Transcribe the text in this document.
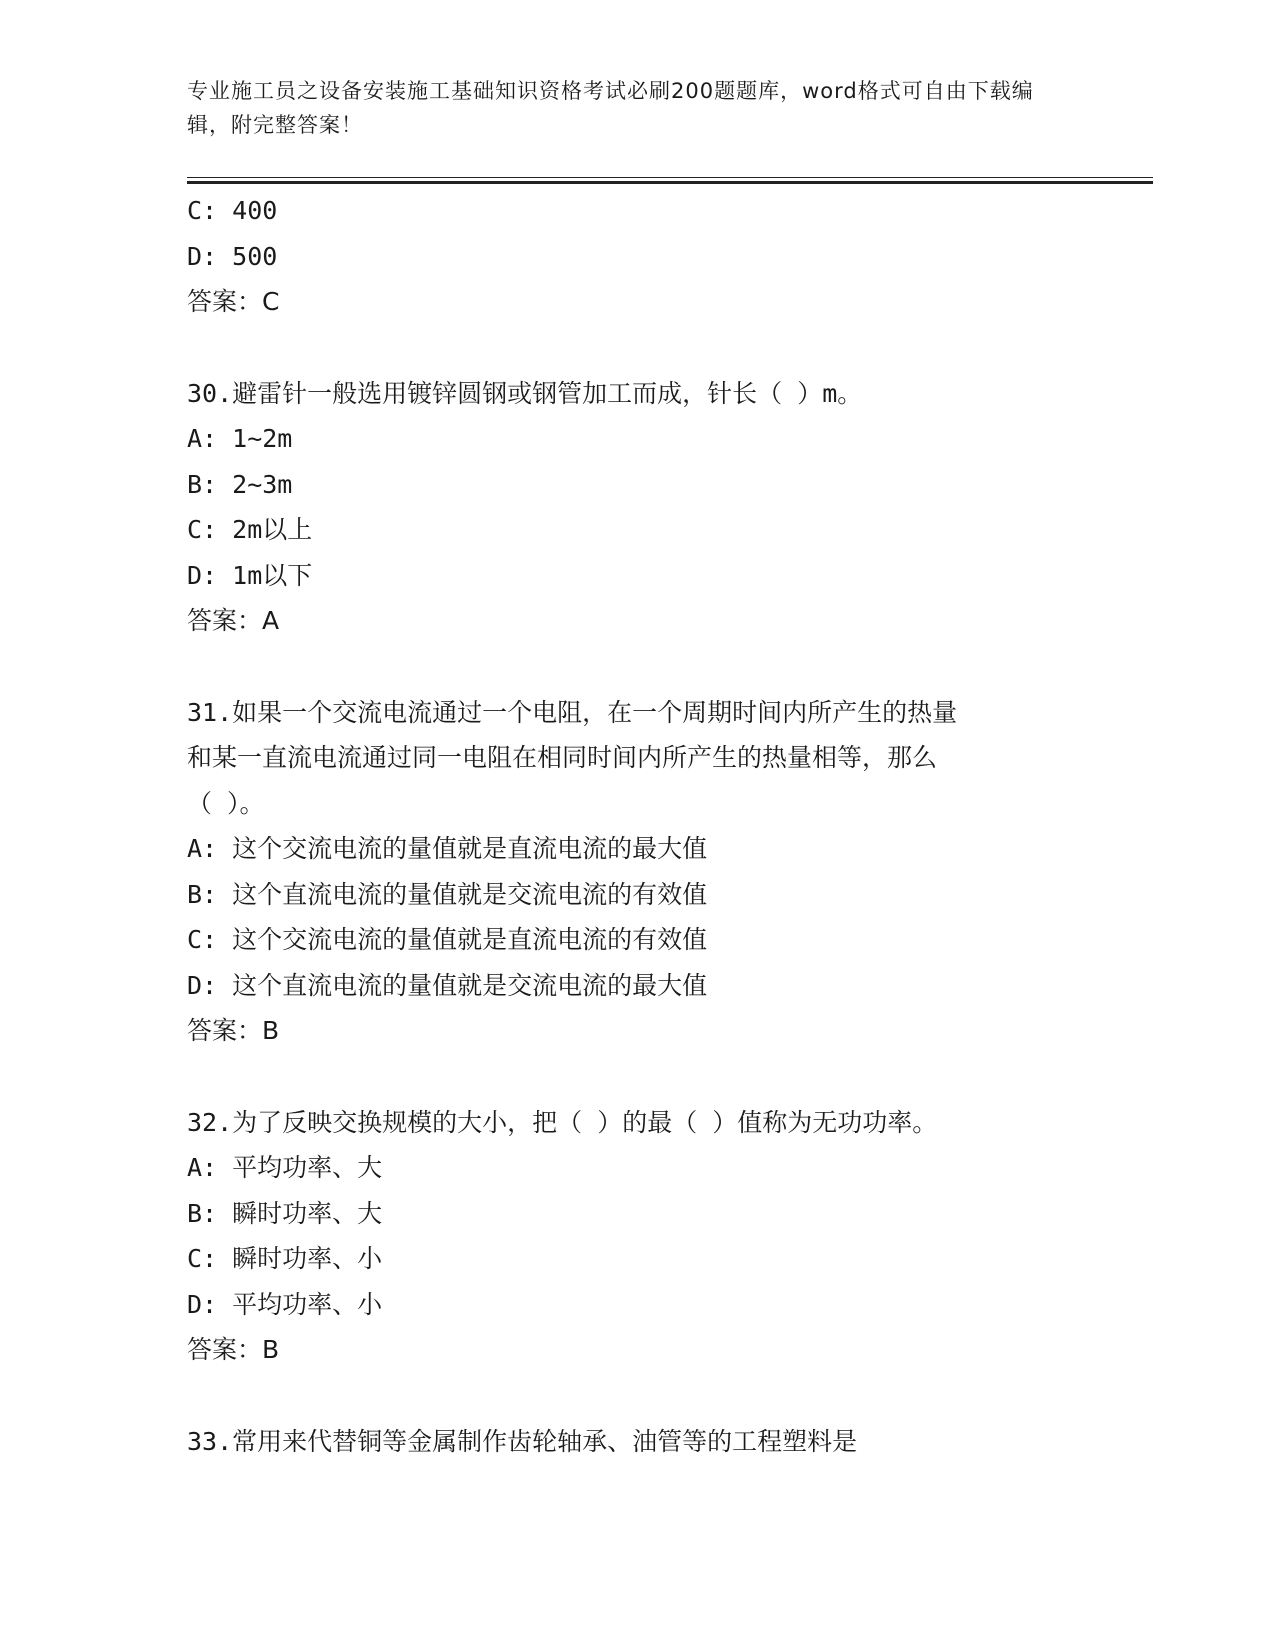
专业施工员之设备安装施工基础知识资格考试必刷200题题库，word格式可自由下载编辑，附完整答案！
C: 400
D: 500
答案：C
30.避雷针一般选用镀锌圆钢或钢管加工而成，针长（ ）m。
A: 1~2m
B: 2~3m
C: 2m以上
D: 1m以下
答案：A
31.如果一个交流电流通过一个电阻，在一个周期时间内所产生的热量
和某一直流电流通过同一电阻在相同时间内所产生的热量相等，那么
（ ）。
A: 这个交流电流的量值就是直流电流的最大值
B: 这个直流电流的量值就是交流电流的有效值
C: 这个交流电流的量值就是直流电流的有效值
D: 这个直流电流的量值就是交流电流的最大值
答案：B
32.为了反映交换规模的大小，把（ ）的最（ ）值称为无功功率。
A: 平均功率、大
B: 瞬时功率、大
C: 瞬时功率、小
D: 平均功率、小
答案：B
33.常用来代替铜等金属制作齿轮轴承、油管等的工程塑料是
